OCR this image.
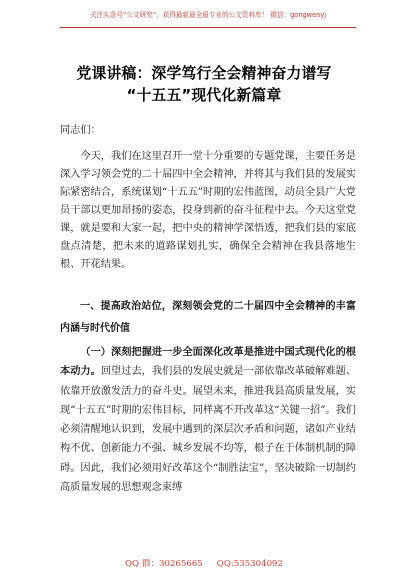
关注头条号“公文研究”，获得最新最全最专业的公文资料库！ 微信：gongwenyj
党课讲稿：深学笃行全会精神奋力谱写
“十五五”现代化新篇章
同志们：
今天，我们在这里召开一堂十分重要的专题党课，主要任务是深入学习领会党的二十届四中全会精神，并将其与我们县的发展实际紧密结合，系统谋划“十五五”时期的宏伟蓝图，动员全县广大党员干部以更加昂扬的姿态，投身到新的奋斗征程中去。今天这堂党课，就是要和大家一起，把中央的精神学深悟透，把我们县的家底盘点清楚，把未来的道路谋划扎实，确保全会精神在我县落地生根、开花结果。
一、提高政治站位，深刻领会党的二十届四中全会精神的丰富内涵与时代价值
（一）深刻把握进一步全面深化改革是推进中国式现代化的根本动力。回望过去，我们县的发展史就是一部依靠改革破解难题、依靠开放激发活力的奋斗史。展望未来，推进我县高质量发展，实现“十五五”时期的宏伟目标，同样离不开改革这“关键一招”。我们必须清醒地认识到，发展中遇到的深层次矛盾和问题，诸如产业结构不优、创新能力不强、城乡发展不均等，根子在于体制机制的障碍。因此，我们必须用好改革这个“制胜法宝”，坚决破除一切制约高质量发展的思想观念束缚
QQ 群：30265665 QQ:535304092
